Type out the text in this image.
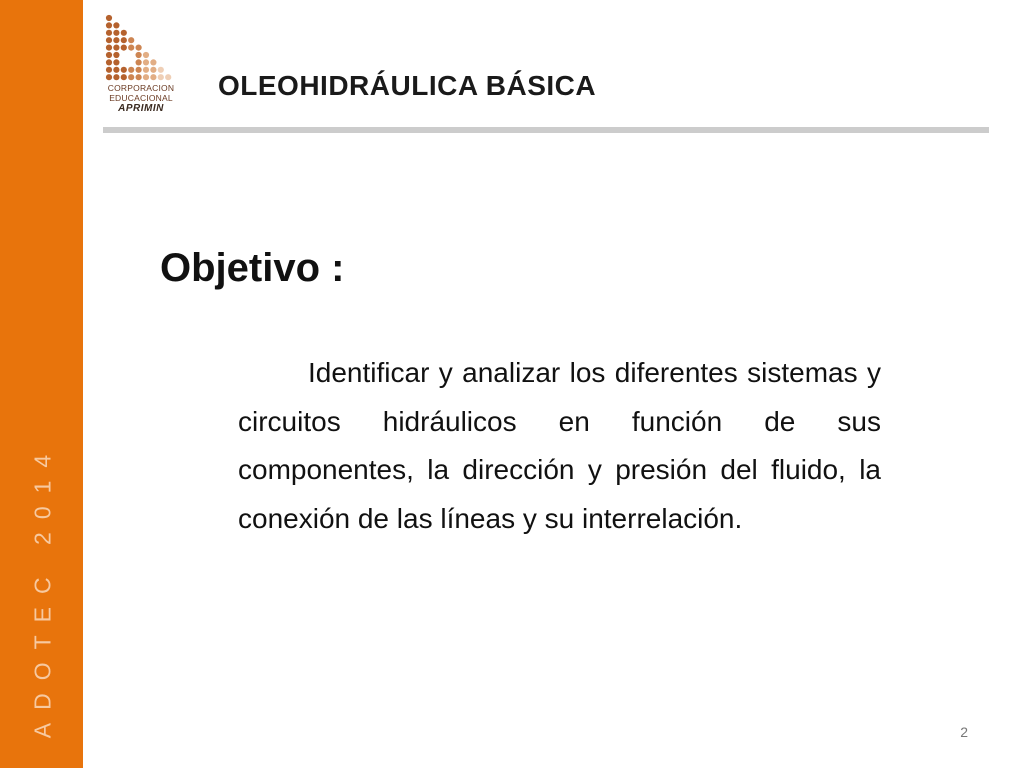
ADOTEC 2014
CORPORACION
EDUCACIONAL
APRIMIN
OLEOHIDRÁULICA BÁSICA
Objetivo :

Identificar y analizar los diferentes sistemas y circuitos hidráulicos en función de sus componentes, la dirección y presión del fluido, la conexión de las líneas y su interrelación.

2
